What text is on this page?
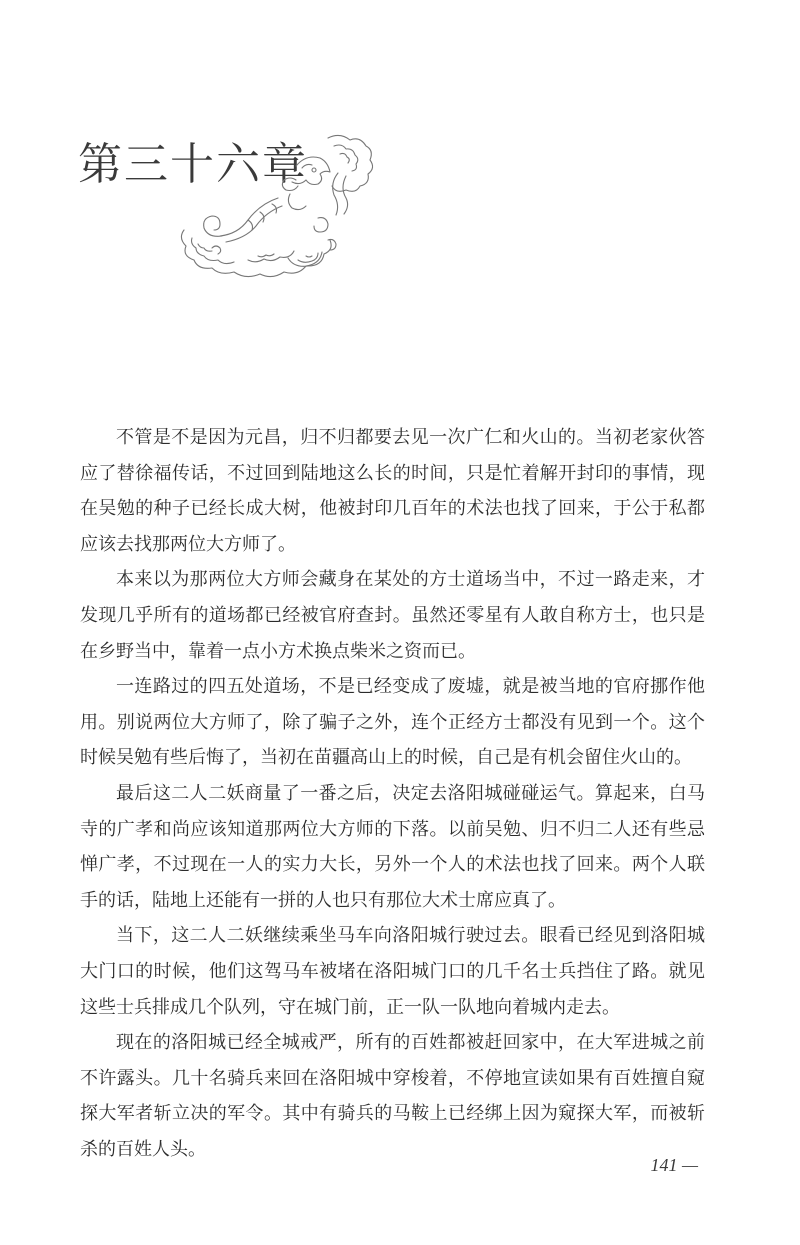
第三十六章

不管是不是因为元昌，归不归都要去见一次广仁和火山的。当初老家伙答应了替徐福传话，不过回到陆地这么长的时间，只是忙着解开封印的事情，现在吴勉的种子已经长成大树，他被封印几百年的术法也找了回来，于公于私都应该去找那两位大方师了。

本来以为那两位大方师会藏身在某处的方士道场当中，不过一路走来，才发现几乎所有的道场都已经被官府查封。虽然还零星有人敢自称方士，也只是在乡野当中，靠着一点小方术换点柴米之资而已。

一连路过的四五处道场，不是已经变成了废墟，就是被当地的官府挪作他用。别说两位大方师了，除了骗子之外，连个正经方士都没有见到一个。这个时候吴勉有些后悔了，当初在苗疆高山上的时候，自己是有机会留住火山的。

最后这二人二妖商量了一番之后，决定去洛阳城碰碰运气。算起来，白马寺的广孝和尚应该知道那两位大方师的下落。以前吴勉、归不归二人还有些忌惮广孝，不过现在一人的实力大长，另外一个人的术法也找了回来。两个人联手的话，陆地上还能有一拼的人也只有那位大术士席应真了。

当下，这二人二妖继续乘坐马车向洛阳城行驶过去。眼看已经见到洛阳城大门口的时候，他们这驾马车被堵在洛阳城门口的几千名士兵挡住了路。就见这些士兵排成几个队列，守在城门前，正一队一队地向着城内走去。

现在的洛阳城已经全城戒严，所有的百姓都被赶回家中，在大军进城之前不许露头。几十名骑兵来回在洛阳城中穿梭着，不停地宣读如果有百姓擅自窥探大军者斩立决的军令。其中有骑兵的马鞍上已经绑上因为窥探大军，而被斩杀的百姓人头。

141 —
